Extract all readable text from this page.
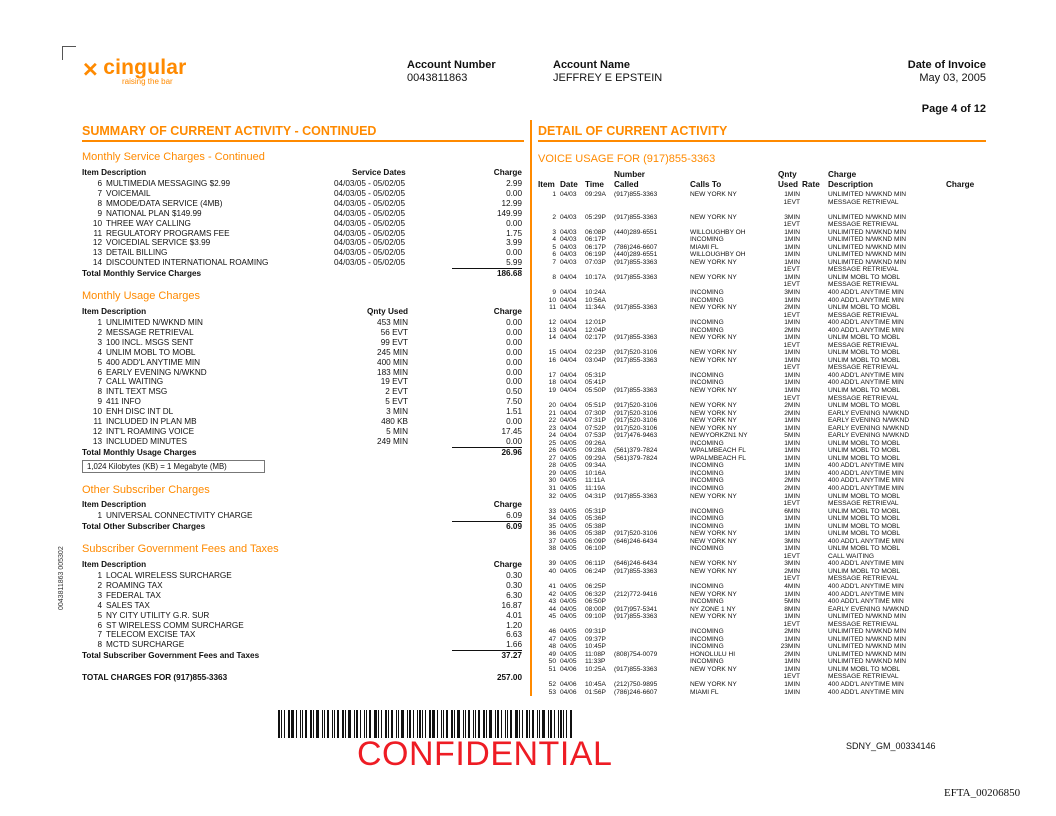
✕ cingular
raising the bar
Account Number
0043811863
Account Name
JEFFREY E EPSTEIN
Date of Invoice
May 03, 2005
Page 4 of 12
SUMMARY OF CURRENT ACTIVITY - CONTINUED	DETAIL OF CURRENT ACTIVITY
Monthly Service Charges - Continued
Item Description	Service Dates	Charge
6 MULTIMEDIA MESSAGING $2.99	04/03/05 - 05/02/05	2.99
7 VOICEMAIL	04/03/05 - 05/02/05	0.00
8 MMODE/DATA SERVICE (4MB)	04/03/05 - 05/02/05	12.99
9 NATIONAL PLAN $149.99	04/03/05 - 05/02/05	149.99
10 THREE WAY CALLING	04/03/05 - 05/02/05	0.00
11 REGULATORY PROGRAMS FEE	04/03/05 - 05/02/05	1.75
12 VOICEDIAL SERVICE $3.99	04/03/05 - 05/02/05	3.99
13 DETAIL BILLING	04/03/05 - 05/02/05	0.00
14 DISCOUNTED INTERNATIONAL ROAMING	04/03/05 - 05/02/05	5.99
Total Monthly Service Charges	186.68
Monthly Usage Charges
Item Description	Qnty Used	Charge
1 UNLIMITED N/WKND MIN	453 MIN	0.00
2 MESSAGE RETRIEVAL	56 EVT	0.00
3 100 INCL. MSGS SENT	99 EVT	0.00
4 UNLIM MOBL TO MOBL	245 MIN	0.00
5 400 ADD'L ANYTIME MIN	400 MIN	0.00
6 EARLY EVENING N/WKND	183 MIN	0.00
7 CALL WAITING	19 EVT	0.00
8 INTL TEXT MSG	2 EVT	0.50
9 411 INFO	5 EVT	7.50
10 ENH DISC INT DL	3 MIN	1.51
11 INCLUDED IN PLAN MB	480 KB	0.00
12 INT'L ROAMING VOICE	5 MIN	17.45
13 INCLUDED MINUTES	249 MIN	0.00
Total Monthly Usage Charges	26.96
1,024 Kilobytes (KB) = 1 Megabyte (MB)
Other Subscriber Charges
Item Description	Charge
1 UNIVERSAL CONNECTIVITY CHARGE	6.09
Total Other Subscriber Charges	6.09
Subscriber Government Fees and Taxes
Item Description	Charge
1 LOCAL WIRELESS SURCHARGE	0.30
2 ROAMING TAX	0.30
3 FEDERAL TAX	6.30
4 SALES TAX	16.87
5 NY CITY UTILITY G.R. SUR	4.01
6 ST WIRELESS COMM SURCHARGE	1.20
7 TELECOM EXCISE TAX	6.63
8 MCTD SURCHARGE	1.66
Total Subscriber Government Fees and Taxes	37.27
TOTAL CHARGES FOR (917)855-3363	257.00
VOICE USAGE FOR (917)855-3363
Number	Qnty	Charge
Item Date Time Called	Calls To	Used Rate Description	Charge
1 04/03 09:29A (917)855-3363	NEW YORK NY	1MIN	UNLIMITED N/WKND MIN
1EVT	MESSAGE RETRIEVAL
2 04/03 05:29P (917)855-3363	NEW YORK NY	3MIN	UNLIMITED N/WKND MIN
1EVT	MESSAGE RETRIEVAL
3 04/03 06:08P (440)289-6551	WILLOUGHBY OH	1MIN	UNLIMITED N/WKND MIN
4 04/03 06:17P	INCOMING	1MIN	UNLIMITED N/WKND MIN
5 04/03 06:17P (786)246-6607	MIAMI FL	1MIN	UNLIMITED N/WKND MIN
6 04/03 06:19P (440)289-6551	WILLOUGHBY OH	1MIN	UNLIMITED N/WKND MIN
7 04/03 07:03P (917)855-3363	NEW YORK NY	1MIN	UNLIMITED N/WKND MIN
1EVT	MESSAGE RETRIEVAL
8 04/04 10:17A (917)855-3363	NEW YORK NY	1MIN	UNLIM MOBL TO MOBL
1EVT	MESSAGE RETRIEVAL
9 04/04 10:24A	INCOMING	3MIN	400 ADD'L ANYTIME MIN
10 04/04 10:56A	INCOMING	1MIN	400 ADD'L ANYTIME MIN
11 04/04 11:34A (917)855-3363	NEW YORK NY	2MIN	UNLIM MOBL TO MOBL
1EVT	MESSAGE RETRIEVAL
12 04/04 12:01P	INCOMING	1MIN	400 ADD'L ANYTIME MIN
13 04/04 12:04P	INCOMING	2MIN	400 ADD'L ANYTIME MIN
14 04/04 02:17P (917)855-3363	NEW YORK NY	1MIN	UNLIM MOBL TO MOBL
1EVT	MESSAGE RETRIEVAL
15 04/04 02:23P (917)520-3106	NEW YORK NY	1MIN	UNLIM MOBL TO MOBL
16 04/04 03:04P (917)855-3363	NEW YORK NY	1MIN	UNLIM MOBL TO MOBL
1EVT	MESSAGE RETRIEVAL
17 04/04 05:31P	INCOMING	1MIN	400 ADD'L ANYTIME MIN
18 04/04 05:41P	INCOMING	1MIN	400 ADD'L ANYTIME MIN
19 04/04 05:50P (917)855-3363	NEW YORK NY	1MIN	UNLIM MOBL TO MOBL
1EVT	MESSAGE RETRIEVAL
20 04/04 05:51P (917)520-3106	NEW YORK NY	2MIN	UNLIM MOBL TO MOBL
21 04/04 07:30P (917)520-3106	NEW YORK NY	2MIN	EARLY EVENING N/WKND
22 04/04 07:31P (917)520-3106	NEW YORK NY	1MIN	EARLY EVENING N/WKND
23 04/04 07:52P (917)520-3106	NEW YORK NY	1MIN	EARLY EVENING N/WKND
24 04/04 07:53P (917)476-9463	NEWYORKZN1 NY	5MIN	EARLY EVENING N/WKND
25 04/05 09:26A	INCOMING	1MIN	UNLIM MOBL TO MOBL
26 04/05 09:28A (561)379-7824	WPALMBEACH FL	1MIN	UNLIM MOBL TO MOBL
27 04/05 09:29A (561)379-7824	WPALMBEACH FL	1MIN	UNLIM MOBL TO MOBL
28 04/05 09:34A	INCOMING	1MIN	400 ADD'L ANYTIME MIN
29 04/05 10:16A	INCOMING	1MIN	400 ADD'L ANYTIME MIN
30 04/05 11:11A	INCOMING	2MIN	400 ADD'L ANYTIME MIN
31 04/05 11:19A	INCOMING	2MIN	400 ADD'L ANYTIME MIN
32 04/05 04:31P (917)855-3363	NEW YORK NY	1MIN	UNLIM MOBL TO MOBL
1EVT	MESSAGE RETRIEVAL
33 04/05 05:31P	INCOMING	6MIN	UNLIM MOBL TO MOBL
34 04/05 05:36P	INCOMING	1MIN	UNLIM MOBL TO MOBL
35 04/05 05:38P	INCOMING	1MIN	UNLIM MOBL TO MOBL
36 04/05 05:38P (917)520-3106	NEW YORK NY	1MIN	UNLIM MOBL TO MOBL
37 04/05 06:09P (646)246-6434	NEW YORK NY	3MIN	400 ADD'L ANYTIME MIN
38 04/05 06:10P	INCOMING	1MIN	UNLIM MOBL TO MOBL
1EVT	CALL WAITING
39 04/05 06:11P (646)246-6434	NEW YORK NY	3MIN	400 ADD'L ANYTIME MIN
40 04/05 06:24P (917)855-3363	NEW YORK NY	2MIN	UNLIM MOBL TO MOBL
1EVT	MESSAGE RETRIEVAL
41 04/05 06:25P	INCOMING	4MIN	400 ADD'L ANYTIME MIN
42 04/05 06:32P (212)772-9416	NEW YORK NY	1MIN	400 ADD'L ANYTIME MIN
43 04/05 06:50P	INCOMING	5MIN	400 ADD'L ANYTIME MIN
44 04/05 08:00P (917)957-5341	NY ZONE 1 NY	8MIN	EARLY EVENING N/WKND
45 04/05 09:10P (917)855-3363	NEW YORK NY	1MIN	UNLIMITED N/WKND MIN
1EVT	MESSAGE RETRIEVAL
46 04/05 09:31P	INCOMING	2MIN	UNLIMITED N/WKND MIN
47 04/05 09:37P	INCOMING	1MIN	UNLIMITED N/WKND MIN
48 04/05 10:45P	INCOMING	23MIN	UNLIMITED N/WKND MIN
49 04/05 11:08P (808)754-0079	HONOLULU HI	2MIN	UNLIMITED N/WKND MIN
50 04/05 11:33P	INCOMING	1MIN	UNLIMITED N/WKND MIN
51 04/06 10:25A (917)855-3363	NEW YORK NY	1MIN	UNLIM MOBL TO MOBL
1EVT	MESSAGE RETRIEVAL
52 04/06 10:45A (212)750-9895	NEW YORK NY	1MIN	400 ADD'L ANYTIME MIN
53 04/06 01:56P (786)246-6607	MIAMI FL	1MIN	400 ADD'L ANYTIME MIN
CONFIDENTIAL	SDNY_GM_00334146
EFTA_00206850
0043811863 005302
